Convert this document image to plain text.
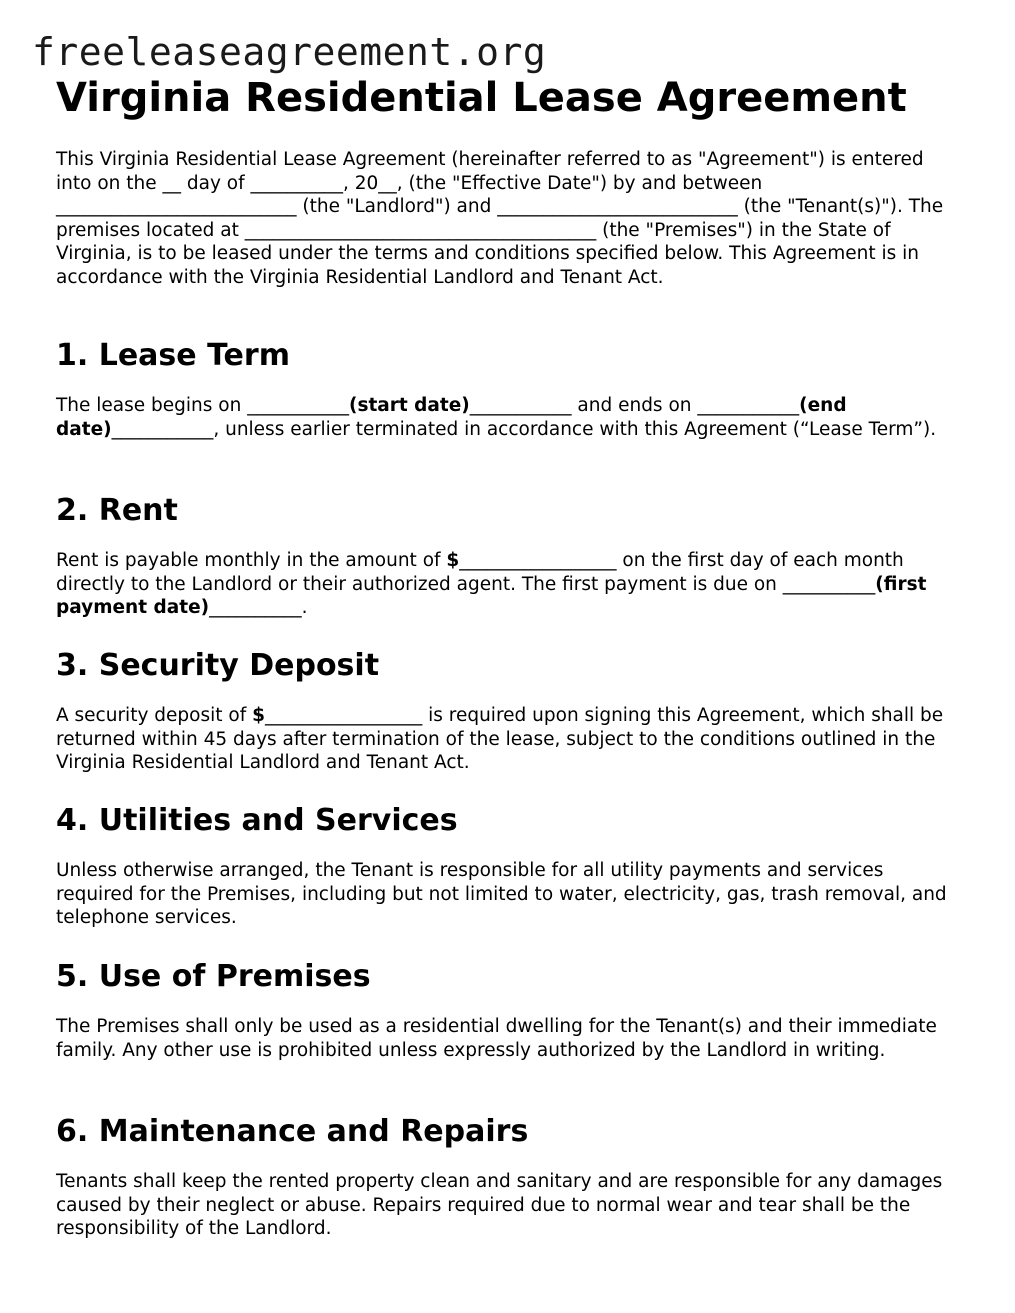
freeleaseagreement.org
Virginia Residential Lease Agreement

This Virginia Residential Lease Agreement (hereinafter referred to as "Agreement") is entered into on the __ day of __________, 20__, (the "Effective Date") by and between __________________________ (the "Landlord") and __________________________ (the "Tenant(s)"). The premises located at ______________________________________ (the "Premises") in the State of Virginia, is to be leased under the terms and conditions specified below. This Agreement is in accordance with the Virginia Residential Landlord and Tenant Act.

1. Lease Term

The lease begins on ___________(start date)___________ and ends on ___________(end date)___________, unless earlier terminated in accordance with this Agreement (“Lease Term”).

2. Rent

Rent is payable monthly in the amount of $_________________ on the first day of each month directly to the Landlord or their authorized agent. The first payment is due on __________(first payment date)__________.

3. Security Deposit

A security deposit of $_________________ is required upon signing this Agreement, which shall be returned within 45 days after termination of the lease, subject to the conditions outlined in the Virginia Residential Landlord and Tenant Act.

4. Utilities and Services

Unless otherwise arranged, the Tenant is responsible for all utility payments and services required for the Premises, including but not limited to water, electricity, gas, trash removal, and telephone services.

5. Use of Premises

The Premises shall only be used as a residential dwelling for the Tenant(s) and their immediate family. Any other use is prohibited unless expressly authorized by the Landlord in writing.

6. Maintenance and Repairs

Tenants shall keep the rented property clean and sanitary and are responsible for any damages caused by their neglect or abuse. Repairs required due to normal wear and tear shall be the responsibility of the Landlord.
